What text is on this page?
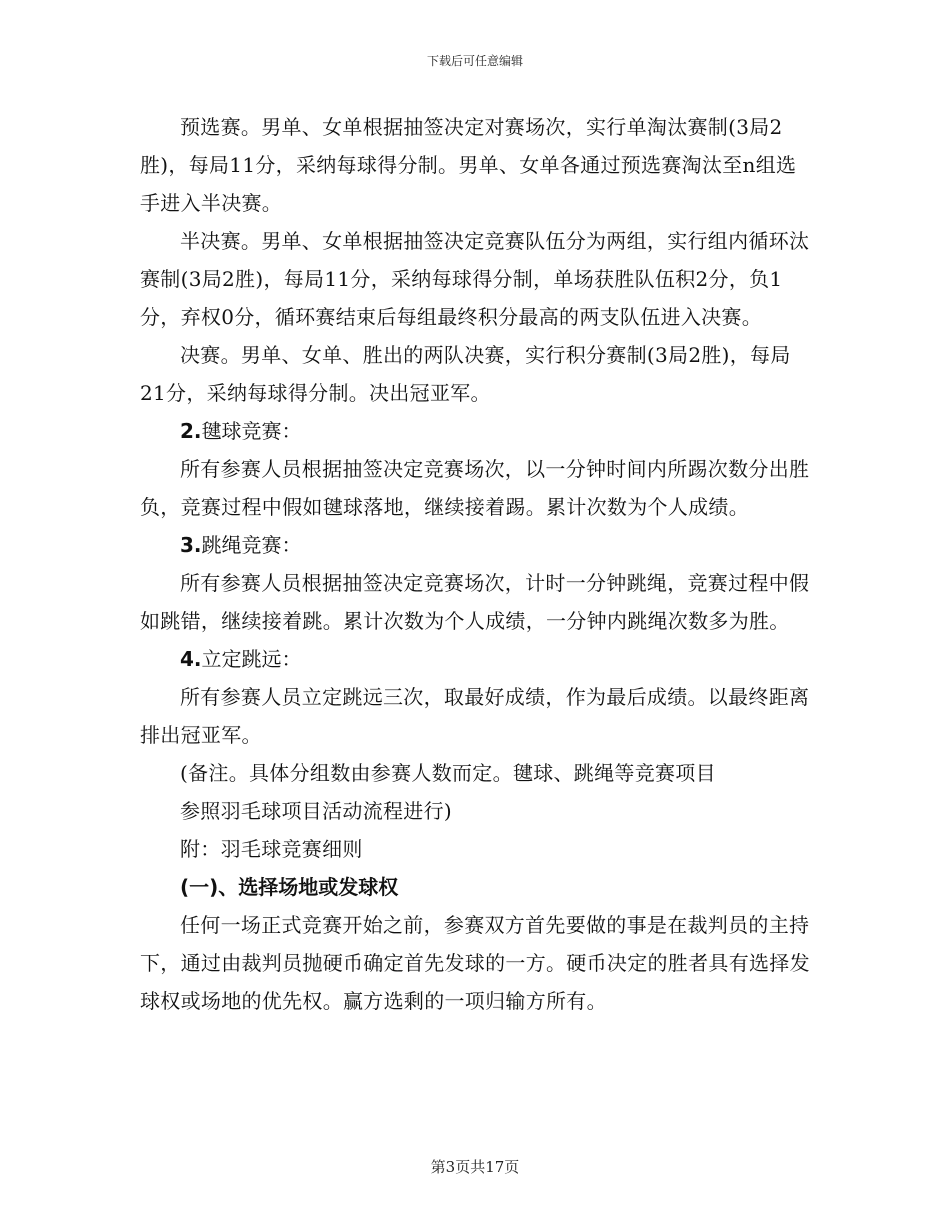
下载后可任意编辑

预选赛。男单、女单根据抽签决定对赛场次，实行单淘汰赛制(3局2胜)，每局11分，采纳每球得分制。男单、女单各通过预选赛淘汰至n组选手进入半决赛。

半决赛。男单、女单根据抽签决定竞赛队伍分为两组，实行组内循环汰赛制(3局2胜)，每局11分，采纳每球得分制，单场获胜队伍积2分，负1分，弃权0分，循环赛结束后每组最终积分最高的两支队伍进入决赛。

决赛。男单、女单、胜出的两队决赛，实行积分赛制(3局2胜)，每局21分，采纳每球得分制。决出冠亚军。

2.毽球竞赛：

所有参赛人员根据抽签决定竞赛场次，以一分钟时间内所踢次数分出胜负，竞赛过程中假如毽球落地，继续接着踢。累计次数为个人成绩。

3.跳绳竞赛：

所有参赛人员根据抽签决定竞赛场次，计时一分钟跳绳，竞赛过程中假如跳错，继续接着跳。累计次数为个人成绩，一分钟内跳绳次数多为胜。

4.立定跳远：

所有参赛人员立定跳远三次，取最好成绩，作为最后成绩。以最终距离排出冠亚军。

(备注。具体分组数由参赛人数而定。毽球、跳绳等竞赛项目

参照羽毛球项目活动流程进行)

附：羽毛球竞赛细则

(一)、选择场地或发球权

任何一场正式竞赛开始之前，参赛双方首先要做的事是在裁判员的主持下，通过由裁判员抛硬币确定首先发球的一方。硬币决定的胜者具有选择发球权或场地的优先权。赢方选剩的一项归输方所有。

第3页共17页
